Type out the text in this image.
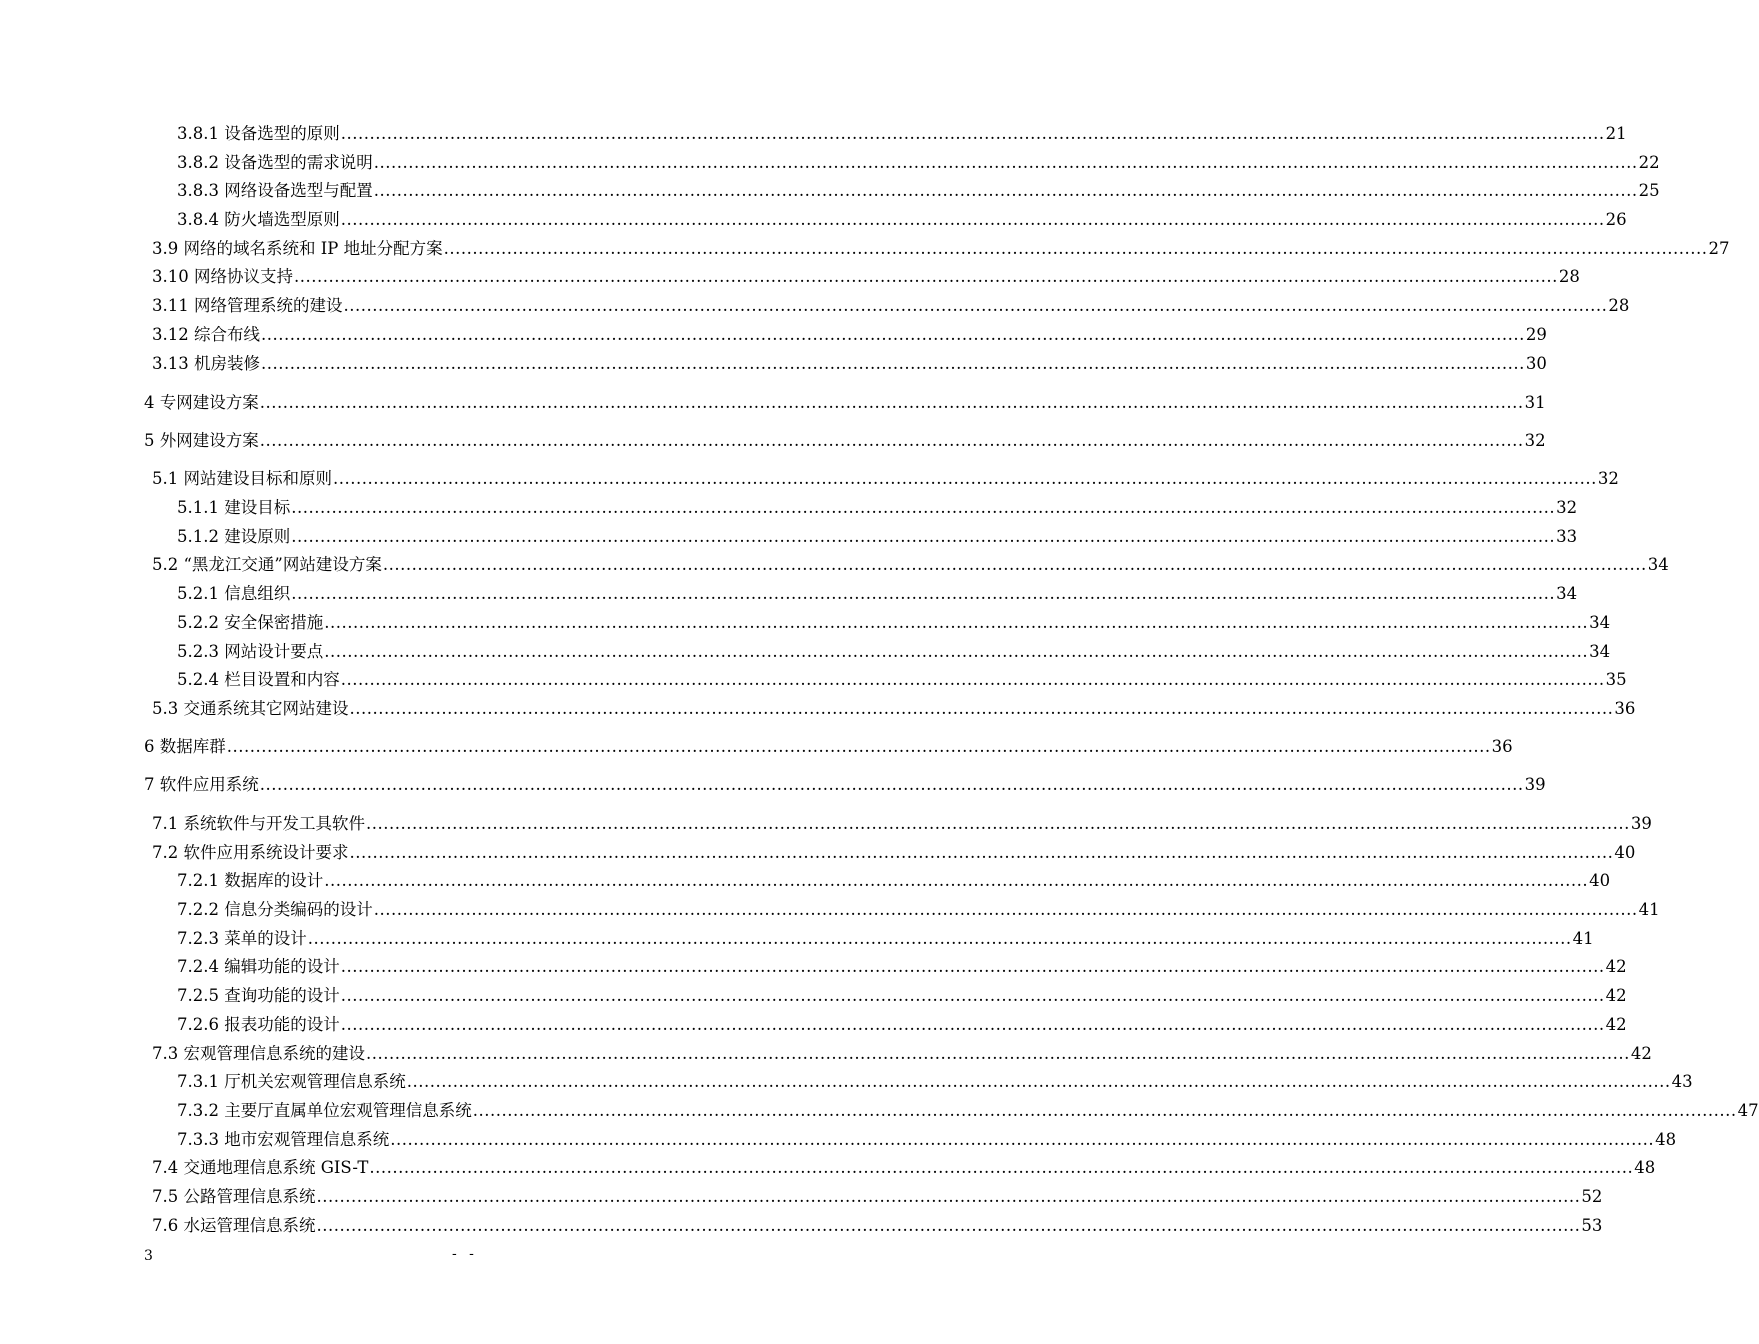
3.8.1 设备选型的原则 ............................................................................................................................................................................................................................ 21
3.8.2 设备选型的需求说明 ............................................................................................................................................................................................................................ 22
3.8.3 网络设备选型与配置 ............................................................................................................................................................................................................................ 25
3.8.4 防火墙选型原则 ............................................................................................................................................................................................................................ 26
3.9 网络的域名系统和 IP 地址分配方案 ............................................................................................................................................................................................................................ 27
3.10 网络协议支持 ............................................................................................................................................................................................................................ 28
3.11 网络管理系统的建设 ............................................................................................................................................................................................................................ 28
3.12 综合布线 ............................................................................................................................................................................................................................ 29
3.13 机房装修 ............................................................................................................................................................................................................................ 30
4 专网建设方案 ............................................................................................................................................................................................................................ 31
5 外网建设方案 ............................................................................................................................................................................................................................ 32
5.1 网站建设目标和原则 ............................................................................................................................................................................................................................ 32
5.1.1 建设目标 ............................................................................................................................................................................................................................ 32
5.1.2 建设原则 ............................................................................................................................................................................................................................ 33
5.2 “黑龙江交通”网站建设方案 ............................................................................................................................................................................................................................ 34
5.2.1 信息组织 ............................................................................................................................................................................................................................ 34
5.2.2 安全保密措施 ............................................................................................................................................................................................................................ 34
5.2.3 网站设计要点 ............................................................................................................................................................................................................................ 34
5.2.4 栏目设置和内容 ............................................................................................................................................................................................................................ 35
5.3 交通系统其它网站建设 ............................................................................................................................................................................................................................ 36
6 数据库群 ............................................................................................................................................................................................................................ 36
7 软件应用系统 ............................................................................................................................................................................................................................ 39
7.1 系统软件与开发工具软件 ............................................................................................................................................................................................................................ 39
7.2 软件应用系统设计要求 ............................................................................................................................................................................................................................ 40
7.2.1 数据库的设计 ............................................................................................................................................................................................................................ 40
7.2.2 信息分类编码的设计 ............................................................................................................................................................................................................................ 41
7.2.3 菜单的设计 ............................................................................................................................................................................................................................ 41
7.2.4 编辑功能的设计 ............................................................................................................................................................................................................................ 42
7.2.5 查询功能的设计 ............................................................................................................................................................................................................................ 42
7.2.6 报表功能的设计 ............................................................................................................................................................................................................................ 42
7.3 宏观管理信息系统的建设 ............................................................................................................................................................................................................................ 42
7.3.1 厅机关宏观管理信息系统 ............................................................................................................................................................................................................................ 43
7.3.2 主要厅直属单位宏观管理信息系统 ............................................................................................................................................................................................................................ 47
7.3.3 地市宏观管理信息系统 ............................................................................................................................................................................................................................ 48
7.4 交通地理信息系统 GIS-T ............................................................................................................................................................................................................................ 48
7.5 公路管理信息系统 ............................................................................................................................................................................................................................ 52
7.6 水运管理信息系统 ............................................................................................................................................................................................................................ 53
3	- -
